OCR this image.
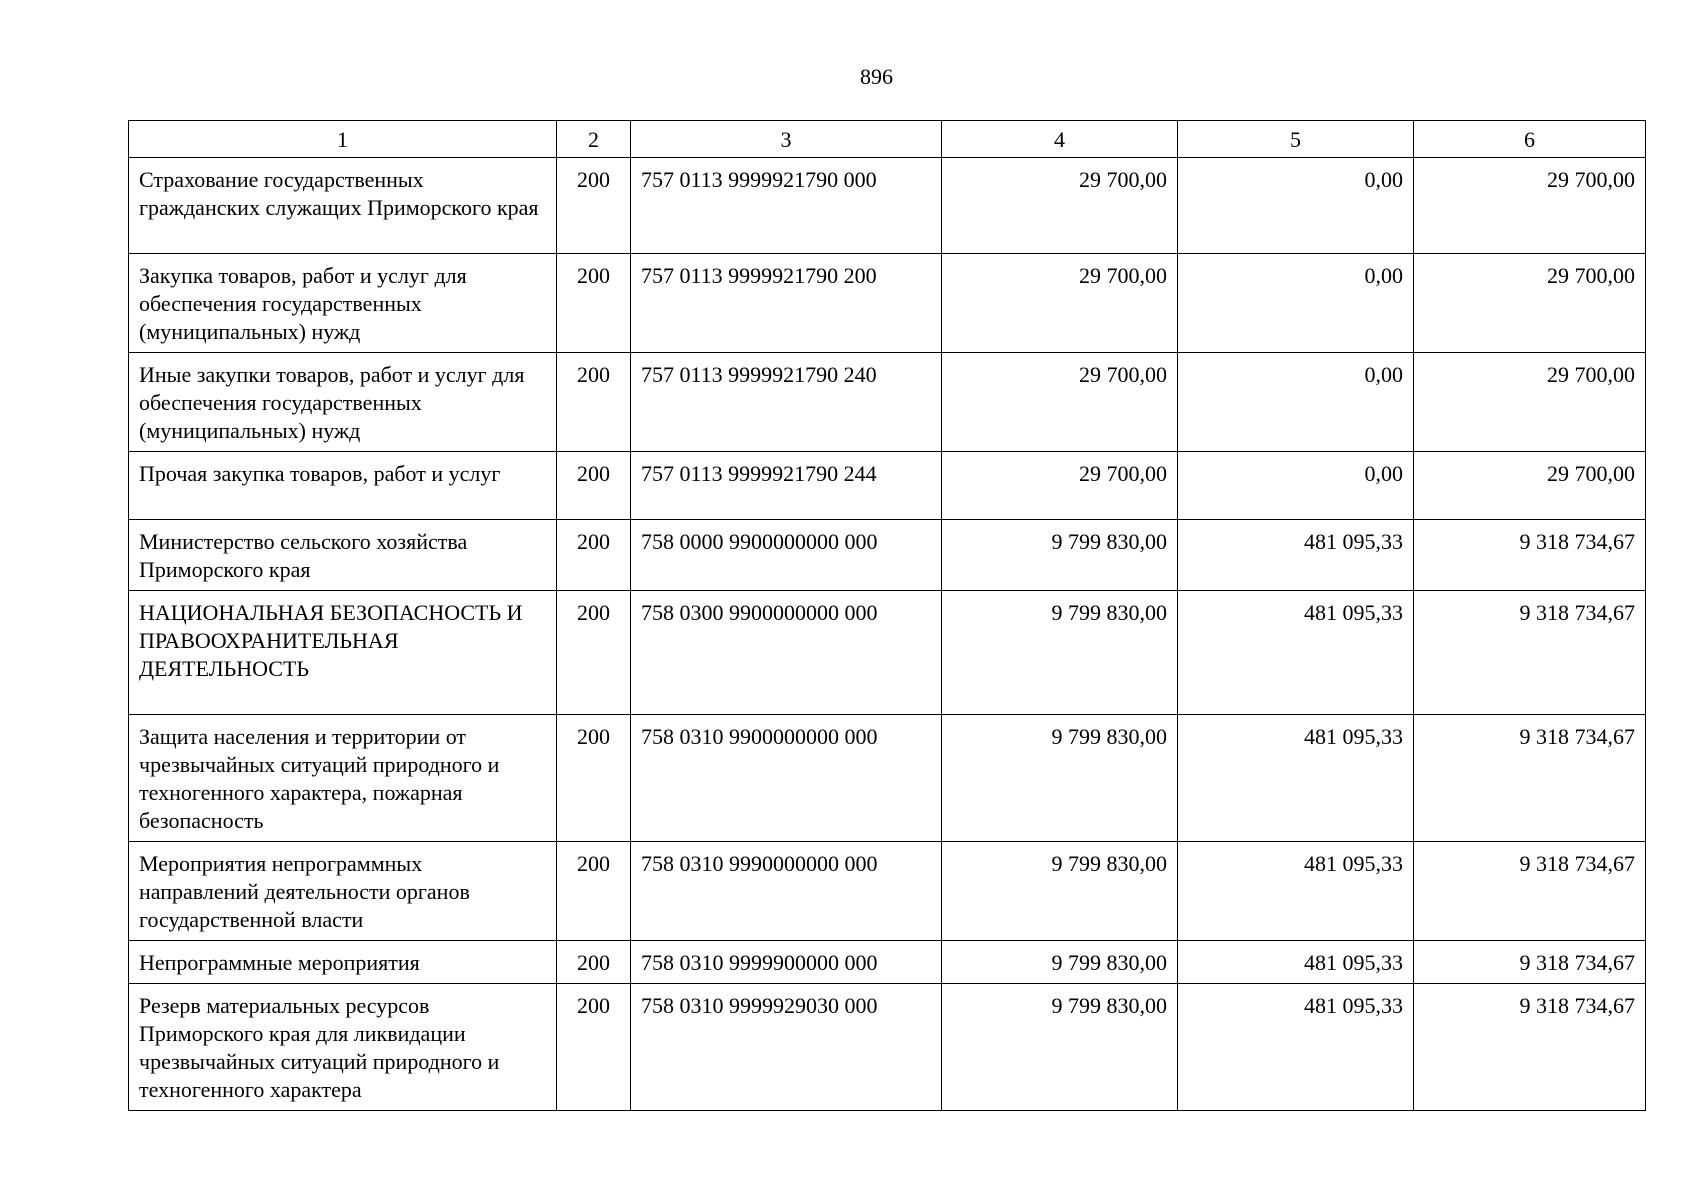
896
1	2	3	4	5	6
Страхование государственных гражданских служащих Приморского края	200	757 0113 9999921790 000	29 700,00	0,00	29 700,00
Закупка товаров, работ и услуг для обеспечения государственных (муниципальных) нужд	200	757 0113 9999921790 200	29 700,00	0,00	29 700,00
Иные закупки товаров, работ и услуг для обеспечения государственных (муниципальных) нужд	200	757 0113 9999921790 240	29 700,00	0,00	29 700,00
Прочая закупка товаров, работ и услуг	200	757 0113 9999921790 244	29 700,00	0,00	29 700,00
Министерство сельского хозяйства Приморского края	200	758 0000 9900000000 000	9 799 830,00	481 095,33	9 318 734,67
НАЦИОНАЛЬНАЯ БЕЗОПАСНОСТЬ И ПРАВООХРАНИТЕЛЬНАЯ ДЕЯТЕЛЬНОСТЬ	200	758 0300 9900000000 000	9 799 830,00	481 095,33	9 318 734,67
Защита населения и территории от чрезвычайных ситуаций природного и техногенного характера, пожарная безопасность	200	758 0310 9900000000 000	9 799 830,00	481 095,33	9 318 734,67
Мероприятия непрограммных направлений деятельности органов государственной власти	200	758 0310 9990000000 000	9 799 830,00	481 095,33	9 318 734,67
Непрограммные мероприятия	200	758 0310 9999900000 000	9 799 830,00	481 095,33	9 318 734,67
Резерв материальных ресурсов Приморского края для ликвидации чрезвычайных ситуаций природного и техногенного характера	200	758 0310 9999929030 000	9 799 830,00	481 095,33	9 318 734,67
